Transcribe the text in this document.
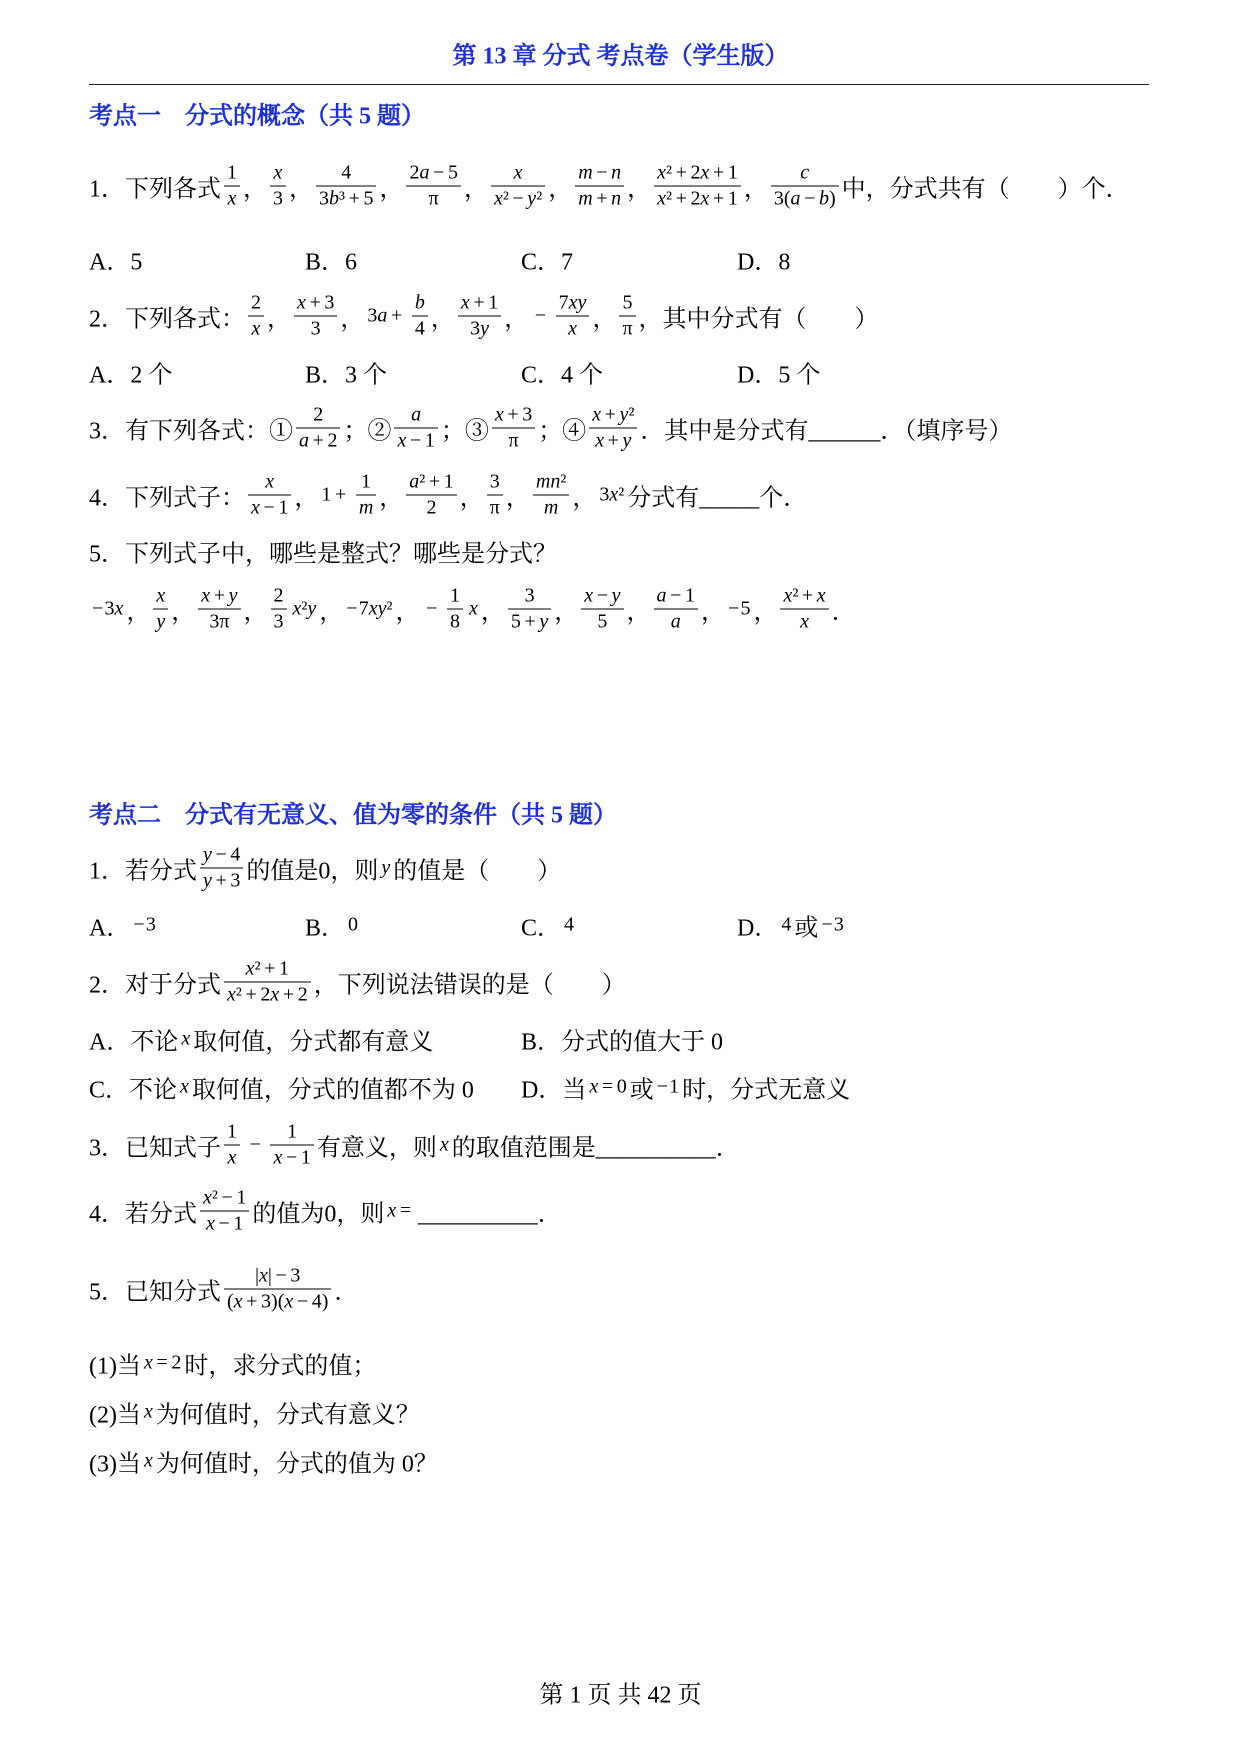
第 13 章 分式 考点卷（学生版）
考点一　分式的概念（共 5 题）
1．下列各式 $\frac{1}{x}$ ， $\frac{x}{3}$ ， $\frac{4}{\text{3b³ + 5}}$ ， $\frac{2a - 5}{\pi}$ ， $\frac{x}{\text{x² − y²}}$ ， $\frac{m - n}{m + n}$ ， $\frac{\text{x² + 2x + 1}}{\text{x² + 2x + 1}}$ ， $\frac{c}{3(a - b)}$ 中，分式共有（　　）个．
A．5	B．6	C．7	D．8
2．下列各式： $\frac{2}{x}$ ， $\frac{x + 3}{3}$ ， $3a + \frac{b}{4}$ ， $\frac{x + 1}{3y}$ ， − $\frac{7xy}{x}$ ， $\frac{5}{\pi}$ ，其中分式有（　　）
A．2 个	B．3 个	C．4 个	D．5 个
3．有下列各式：① $\frac{2}{a + 2}$ ；② $\frac{a}{x - 1}$ ；③ $\frac{x + 3}{\pi}$ ；④ $\frac{\text{x + y²}}{x + y}$ ．其中是分式有______．（填序号）
4．下列式子： $\frac{x}{x - 1}$ ， $1 + \frac{1}{m}$ ， $\frac{\text{a² + 1}}{2}$ ， $\frac{3}{\pi}$ ， $\frac{\text{mn²}}{m}$ ， 3x² 分式有_____个．
5．下列式子中，哪些是整式？哪些是分式？
−3x ， $\frac{x}{y}$ ， $\frac{x + y}{3\pi}$ ， $\frac{2}{3} x^2y$ ， −7xy² ， − $\frac{1}{8}$ x ， $\frac{3}{5 + y}$ ， $\frac{x - y}{5}$ ， $\frac{a - 1}{a}$ ， −5 ， $\frac{\text{x² + x}}{x}$ ．
考点二　分式有无意义、值为零的条件（共 5 题）
1．若分式 $\frac{y - 4}{y + 3}$ 的值是0，则 y 的值是（　　）
A． −3	B． 0	C． 4	D． 4 或 −3
2．对于分式 $\frac{\text{x² + 1}}{\text{x² + 2x + 2}}$ ，下列说法错误的是（　　）
A．不论 x 取何值，分式都有意义	B．分式的值大于 0
C．不论 x 取何值，分式的值都不为 0 D．当 x = 0 或 −1 时，分式无意义
3．已知式子 $\frac{1}{x} - \frac{1}{x - 1}$ 有意义，则 x 的取值范围是__________．
4．若分式 $\frac{\text{x² − 1}}{x - 1}$ 的值为0，则 x = __________．
5．已知分式 $\frac{|x| - 3}{(x + 3)(x - 4)}$ ．
(1)当 x = 2 时，求分式的值；
(2)当 x 为何值时，分式有意义？
(3)当 x 为何值时，分式的值为 0？
第 1 页 共 42 页
